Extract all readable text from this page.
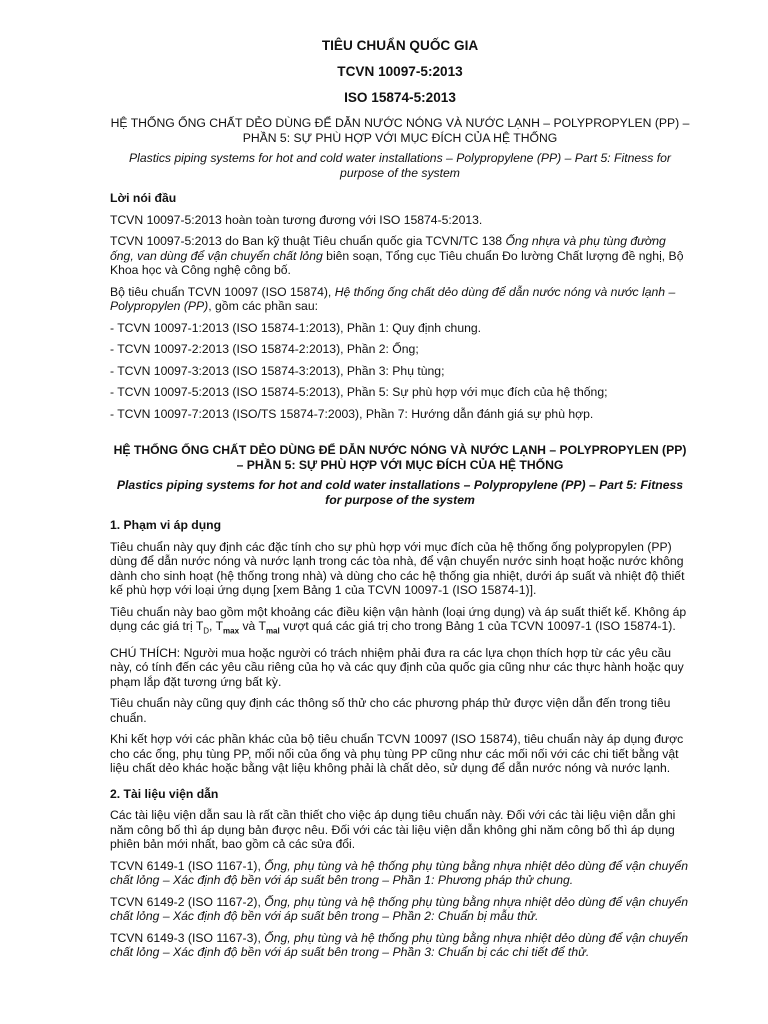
TIÊU CHUẨN QUỐC GIA

TCVN 10097-5:2013

ISO 15874-5:2013

HỆ THỐNG ỐNG CHẤT DẺO DÙNG ĐỂ DẪN NƯỚC NÓNG VÀ NƯỚC LẠNH – POLYPROPYLEN (PP) – PHẦN 5: SỰ PHÙ HỢP VỚI MỤC ĐÍCH CỦA HỆ THỐNG

Plastics piping systems for hot and cold water installations – Polypropylene (PP) – Part 5: Fitness for purpose of the system

Lời nói đầu

TCVN 10097-5:2013 hoàn toàn tương đương với ISO 15874-5:2013.

TCVN 10097-5:2013 do Ban kỹ thuật Tiêu chuẩn quốc gia TCVN/TC 138 Ống nhựa và phụ tùng đường ống, van dùng để vận chuyển chất lỏng biên soạn, Tổng cục Tiêu chuẩn Đo lường Chất lượng đề nghị, Bộ Khoa học và Công nghệ công bố.

Bộ tiêu chuẩn TCVN 10097 (ISO 15874), Hệ thống ống chất dẻo dùng để dẫn nước nóng và nước lạnh – Polypropylen (PP), gồm các phần sau:

- TCVN 10097-1:2013 (ISO 15874-1:2013), Phần 1: Quy định chung.

- TCVN 10097-2:2013 (ISO 15874-2:2013), Phần 2: Ống;

- TCVN 10097-3:2013 (ISO 15874-3:2013), Phần 3: Phụ tùng;

- TCVN 10097-5:2013 (ISO 15874-5:2013), Phần 5: Sự phù hợp với mục đích của hệ thống;

- TCVN 10097-7:2013 (ISO/TS 15874-7:2003), Phần 7: Hướng dẫn đánh giá sự phù hợp.

HỆ THỐNG ỐNG CHẤT DẺO DÙNG ĐỂ DẪN NƯỚC NÓNG VÀ NƯỚC LẠNH – POLYPROPYLEN (PP) – PHẦN 5: SỰ PHÙ HỢP VỚI MỤC ĐÍCH CỦA HỆ THỐNG

Plastics piping systems for hot and cold water installations – Polypropylene (PP) – Part 5: Fitness for purpose of the system

1. Phạm vi áp dụng

Tiêu chuẩn này quy định các đặc tính cho sự phù hợp với mục đích của hệ thống ống polypropylen (PP) dùng để dẫn nước nóng và nước lạnh trong các tòa nhà, để vận chuyển nước sinh hoạt hoặc nước không dành cho sinh hoạt (hệ thống trong nhà) và dùng cho các hệ thống gia nhiệt, dưới áp suất và nhiệt độ thiết kế phù hợp với loại ứng dụng [xem Bảng 1 của TCVN 10097-1 (ISO 15874-1)].

Tiêu chuẩn này bao gồm một khoảng các điều kiện vận hành (loại ứng dụng) và áp suất thiết kế. Không áp dụng các giá trị $T_D$, $T_{max}$ và $T_{mal}$ vượt quá các giá trị cho trong Bảng 1 của TCVN 10097-1 (ISO 15874-1).

CHÚ THÍCH: Người mua hoặc người có trách nhiệm phải đưa ra các lựa chọn thích hợp từ các yêu cầu này, có tính đến các yêu cầu riêng của họ và các quy định của quốc gia cũng như các thực hành hoặc quy phạm lắp đặt tương ứng bất kỳ.

Tiêu chuẩn này cũng quy định các thông số thử cho các phương pháp thử được viện dẫn đến trong tiêu chuẩn.

Khi kết hợp với các phần khác của bộ tiêu chuẩn TCVN 10097 (ISO 15874), tiêu chuẩn này áp dụng được cho các ống, phụ tùng PP, mối nối của ống và phụ tùng PP cũng như các mối nối với các chi tiết bằng vật liệu chất dẻo khác hoặc bằng vật liệu không phải là chất dẻo, sử dụng để dẫn nước nóng và nước lạnh.

2. Tài liệu viện dẫn

Các tài liệu viện dẫn sau là rất cần thiết cho việc áp dụng tiêu chuẩn này. Đối với các tài liệu viện dẫn ghi năm công bố thì áp dụng bản được nêu. Đối với các tài liệu viện dẫn không ghi năm công bố thì áp dụng phiên bản mới nhất, bao gồm cả các sửa đổi.

TCVN 6149-1 (ISO 1167-1), Ống, phụ tùng và hệ thống phụ tùng bằng nhựa nhiệt dẻo dùng để vận chuyển chất lỏng – Xác định độ bền với áp suất bên trong – Phần 1: Phương pháp thử chung.

TCVN 6149-2 (ISO 1167-2), Ống, phụ tùng và hệ thống phụ tùng bằng nhựa nhiệt dẻo dùng để vận chuyển chất lỏng – Xác định độ bền với áp suất bên trong – Phần 2: Chuẩn bị mẫu thử.

TCVN 6149-3 (ISO 1167-3), Ống, phụ tùng và hệ thống phụ tùng bằng nhựa nhiệt dẻo dùng để vận chuyển chất lỏng – Xác định độ bền với áp suất bên trong – Phần 3: Chuẩn bị các chi tiết để thử.
